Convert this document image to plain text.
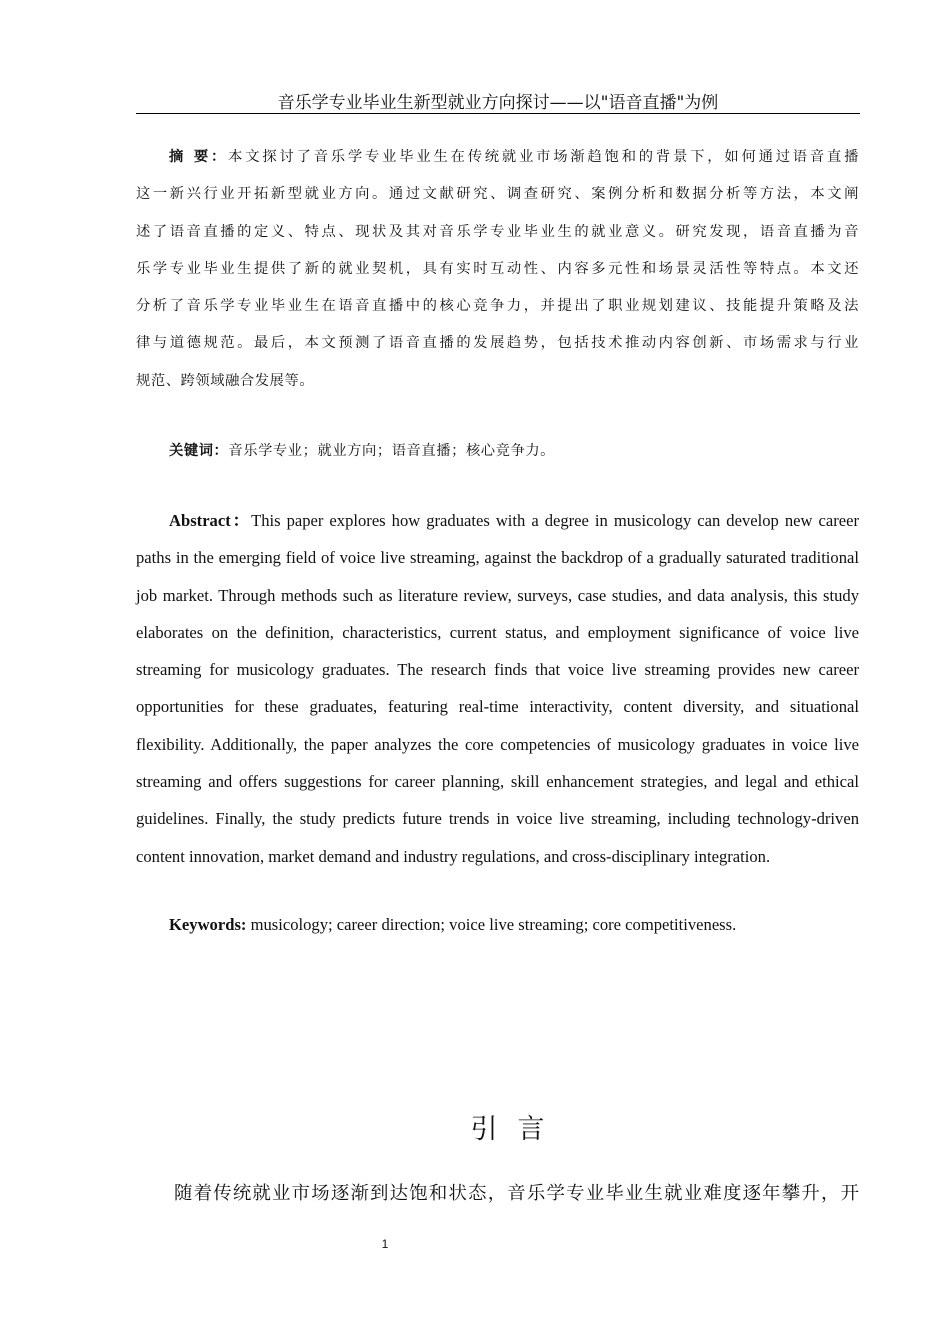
音乐学专业毕业生新型就业方向探讨——以"语音直播"为例
摘 要：本文探讨了音乐学专业毕业生在传统就业市场渐趋饱和的背景下，如何通过语音直播
这一新兴行业开拓新型就业方向。通过文献研究、调查研究、案例分析和数据分析等方法，本文阐
述了语音直播的定义、特点、现状及其对音乐学专业毕业生的就业意义。研究发现，语音直播为音
乐学专业毕业生提供了新的就业契机，具有实时互动性、内容多元性和场景灵活性等特点。本文还
分析了音乐学专业毕业生在语音直播中的核心竞争力，并提出了职业规划建议、技能提升策略及法
律与道德规范。最后，本文预测了语音直播的发展趋势，包括技术推动内容创新、市场需求与行业
规范、跨领域融合发展等。
关键词：音乐学专业；就业方向；语音直播；核心竞争力。
Abstract：This paper explores how graduates with a degree in musicology can develop new career
paths in the emerging field of voice live streaming, against the backdrop of a gradually saturated traditional
job market. Through methods such as literature review, surveys, case studies, and data analysis, this study
elaborates on the definition, characteristics, current status, and employment significance of voice live
streaming for musicology graduates. The research finds that voice live streaming provides new career
opportunities for these graduates, featuring real-time interactivity, content diversity, and situational
flexibility. Additionally, the paper analyzes the core competencies of musicology graduates in voice live
streaming and offers suggestions for career planning, skill enhancement strategies, and legal and ethical
guidelines. Finally, the study predicts future trends in voice live streaming, including technology-driven
content innovation, market demand and industry regulations, and cross-disciplinary integration.
Keywords: musicology; career direction; voice live streaming; core competitiveness.
引言
随着传统就业市场逐渐到达饱和状态，音乐学专业毕业生就业难度逐年攀升，开
1
